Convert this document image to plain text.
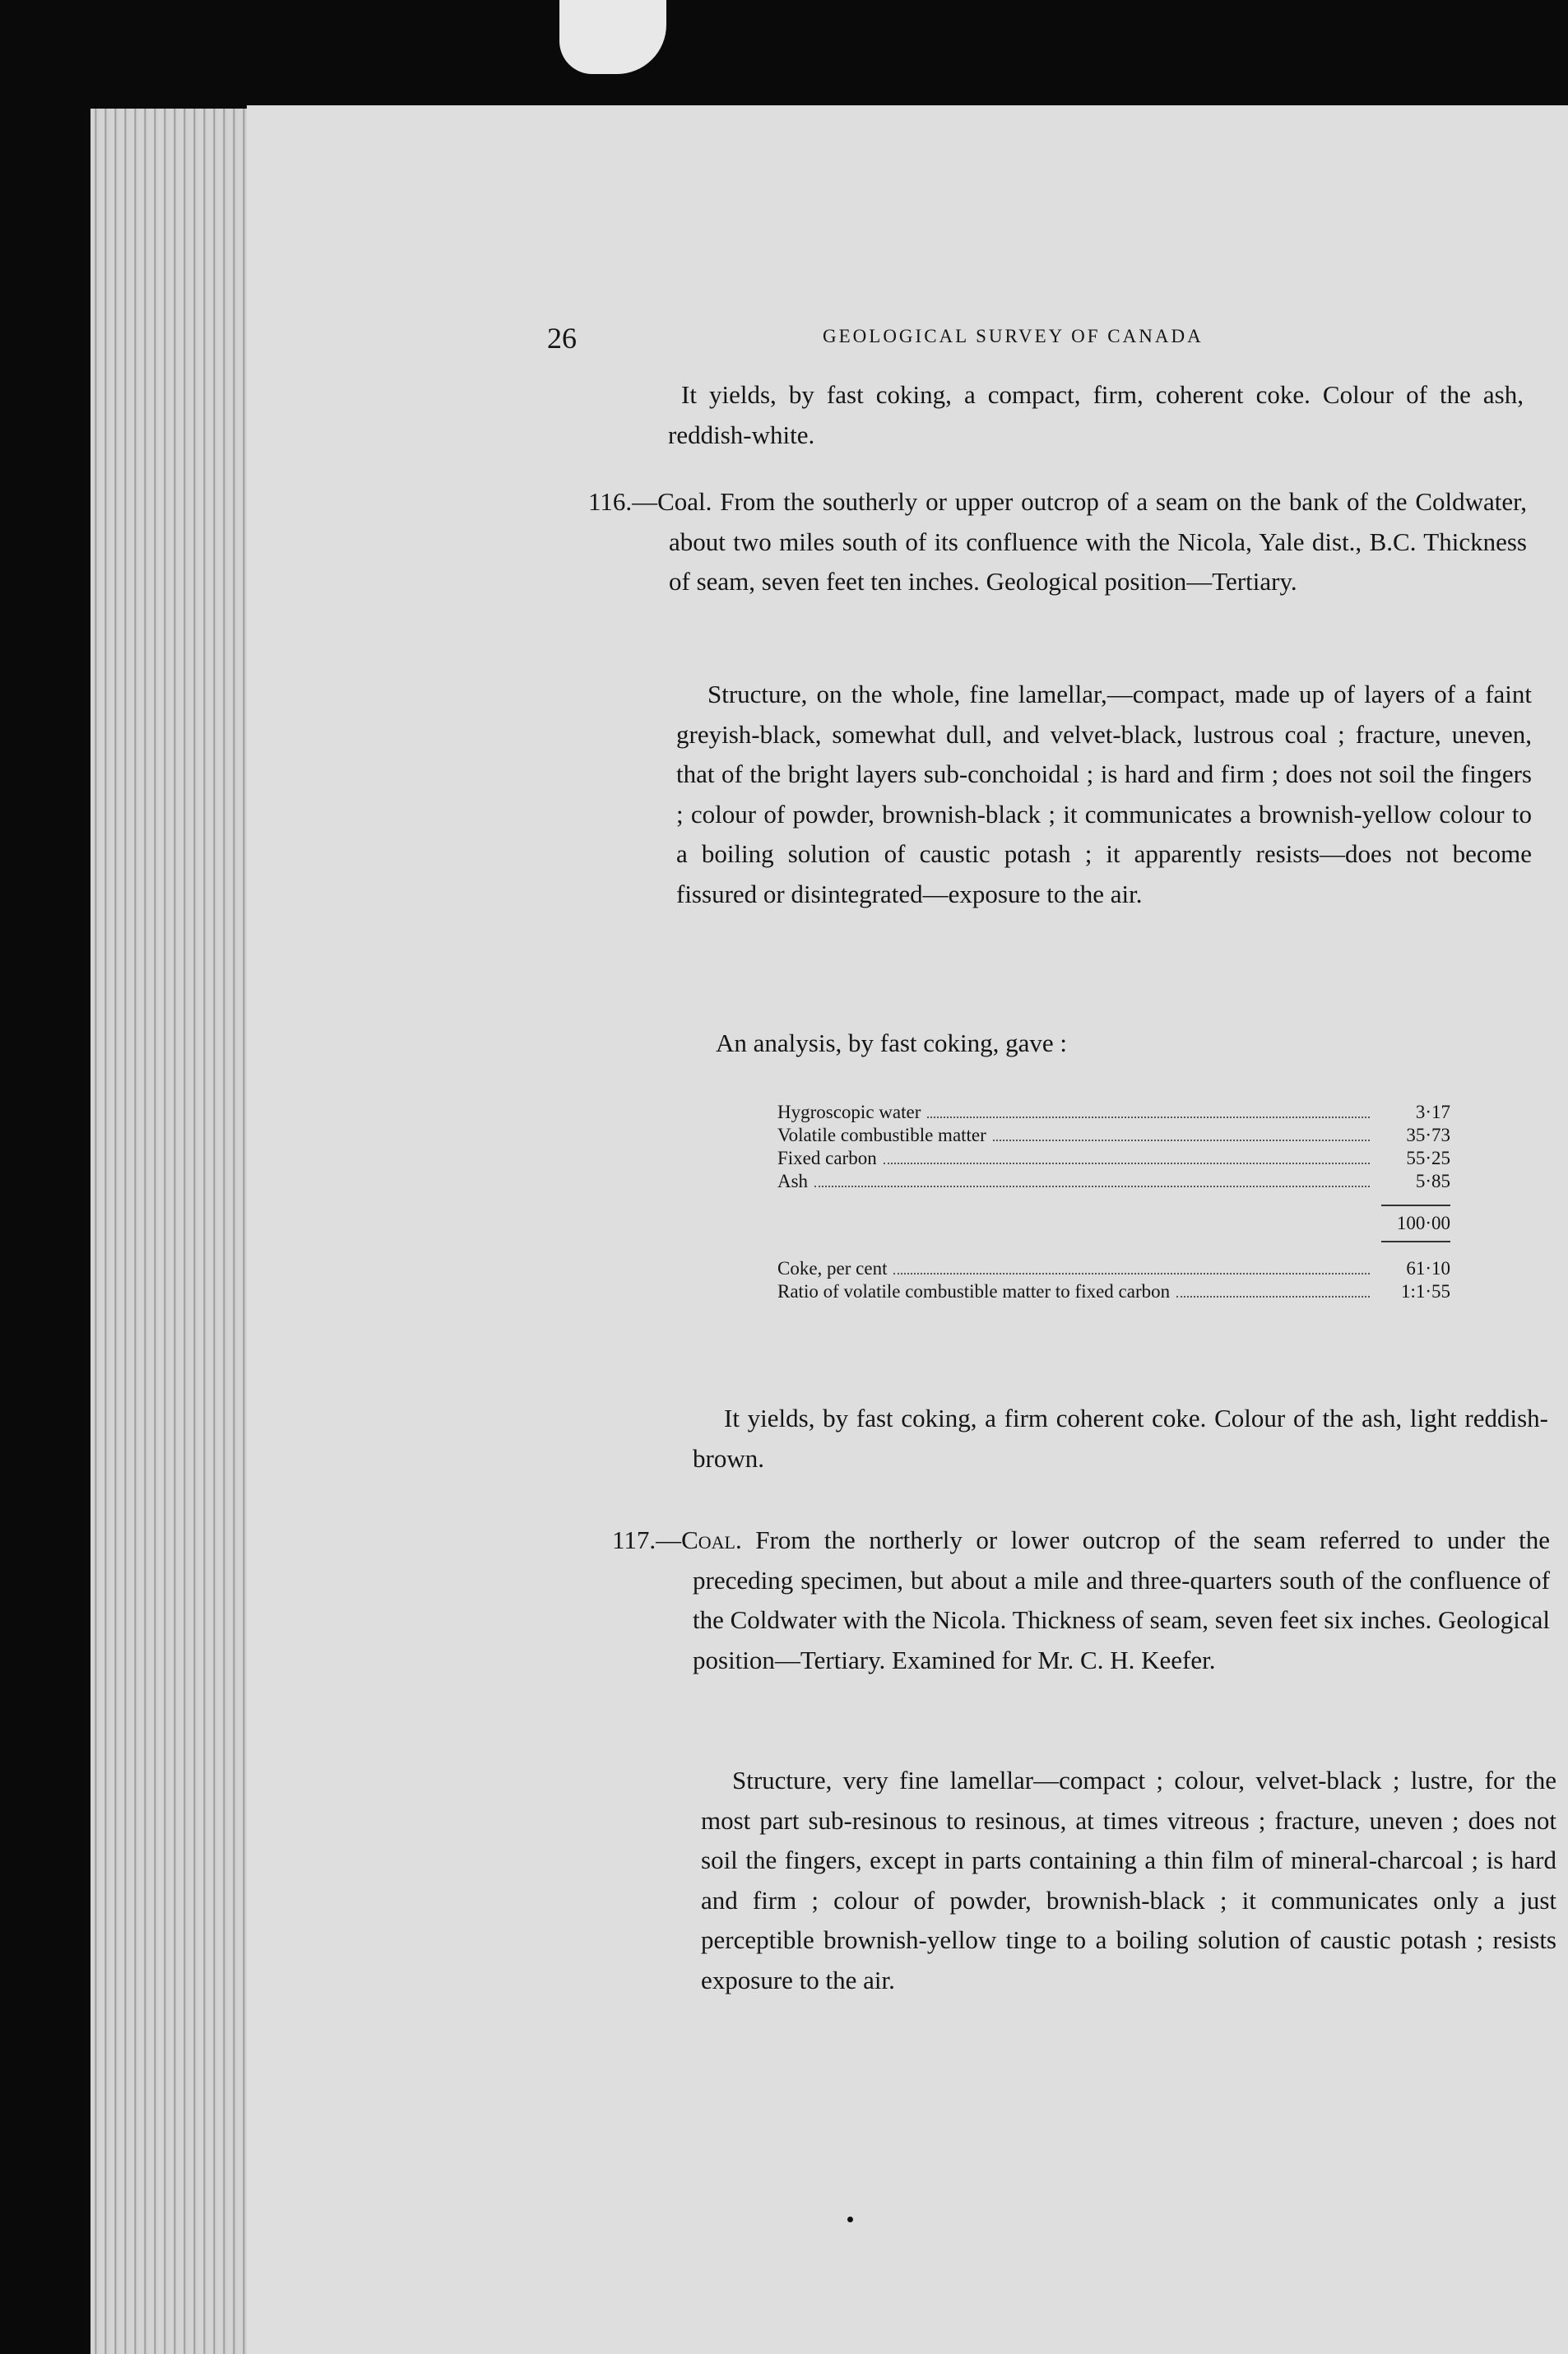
26	GEOLOGICAL SURVEY OF CANADA

It yields, by fast coking, a compact, firm, coherent coke. Colour of the ash, reddish-white.

116.—Coal. From the southerly or upper outcrop of a seam on the bank of the Coldwater, about two miles south of its confluence with the Nicola, Yale dist., B.C. Thickness of seam, seven feet ten inches. Geological position—Tertiary.

Structure, on the whole, fine lamellar,—compact, made up of layers of a faint greyish-black, somewhat dull, and velvet-black, lustrous coal ; fracture, uneven, that of the bright layers sub-conchoidal ; is hard and firm ; does not soil the fingers ; colour of powder, brownish-black ; it communicates a brownish-yellow colour to a boiling solution of caustic potash ; it apparently resists—does not become fissured or disintegrated—exposure to the air.

An analysis, by fast coking, gave :
Hygroscopic water	3·17
Volatile combustible matter	35·73
Fixed carbon	55·25
Ash	5·85
100·00
Coke, per cent	61·10
Ratio of volatile combustible matter to fixed carbon	1:1·55

It yields, by fast coking, a firm coherent coke. Colour of the ash, light reddish-brown.

117.—Coal. From the northerly or lower outcrop of the seam referred to under the preceding specimen, but about a mile and three-quarters south of the confluence of the Coldwater with the Nicola. Thickness of seam, seven feet six inches. Geological position—Tertiary. Examined for Mr. C. H. Keefer.

Structure, very fine lamellar—compact ; colour, velvet-black ; lustre, for the most part sub-resinous to resinous, at times vitreous ; fracture, uneven ; does not soil the fingers, except in parts containing a thin film of mineral-charcoal ; is hard and firm ; colour of powder, brownish-black ; it communicates only a just perceptible brownish-yellow tinge to a boiling solution of caustic potash ; resists exposure to the air.
